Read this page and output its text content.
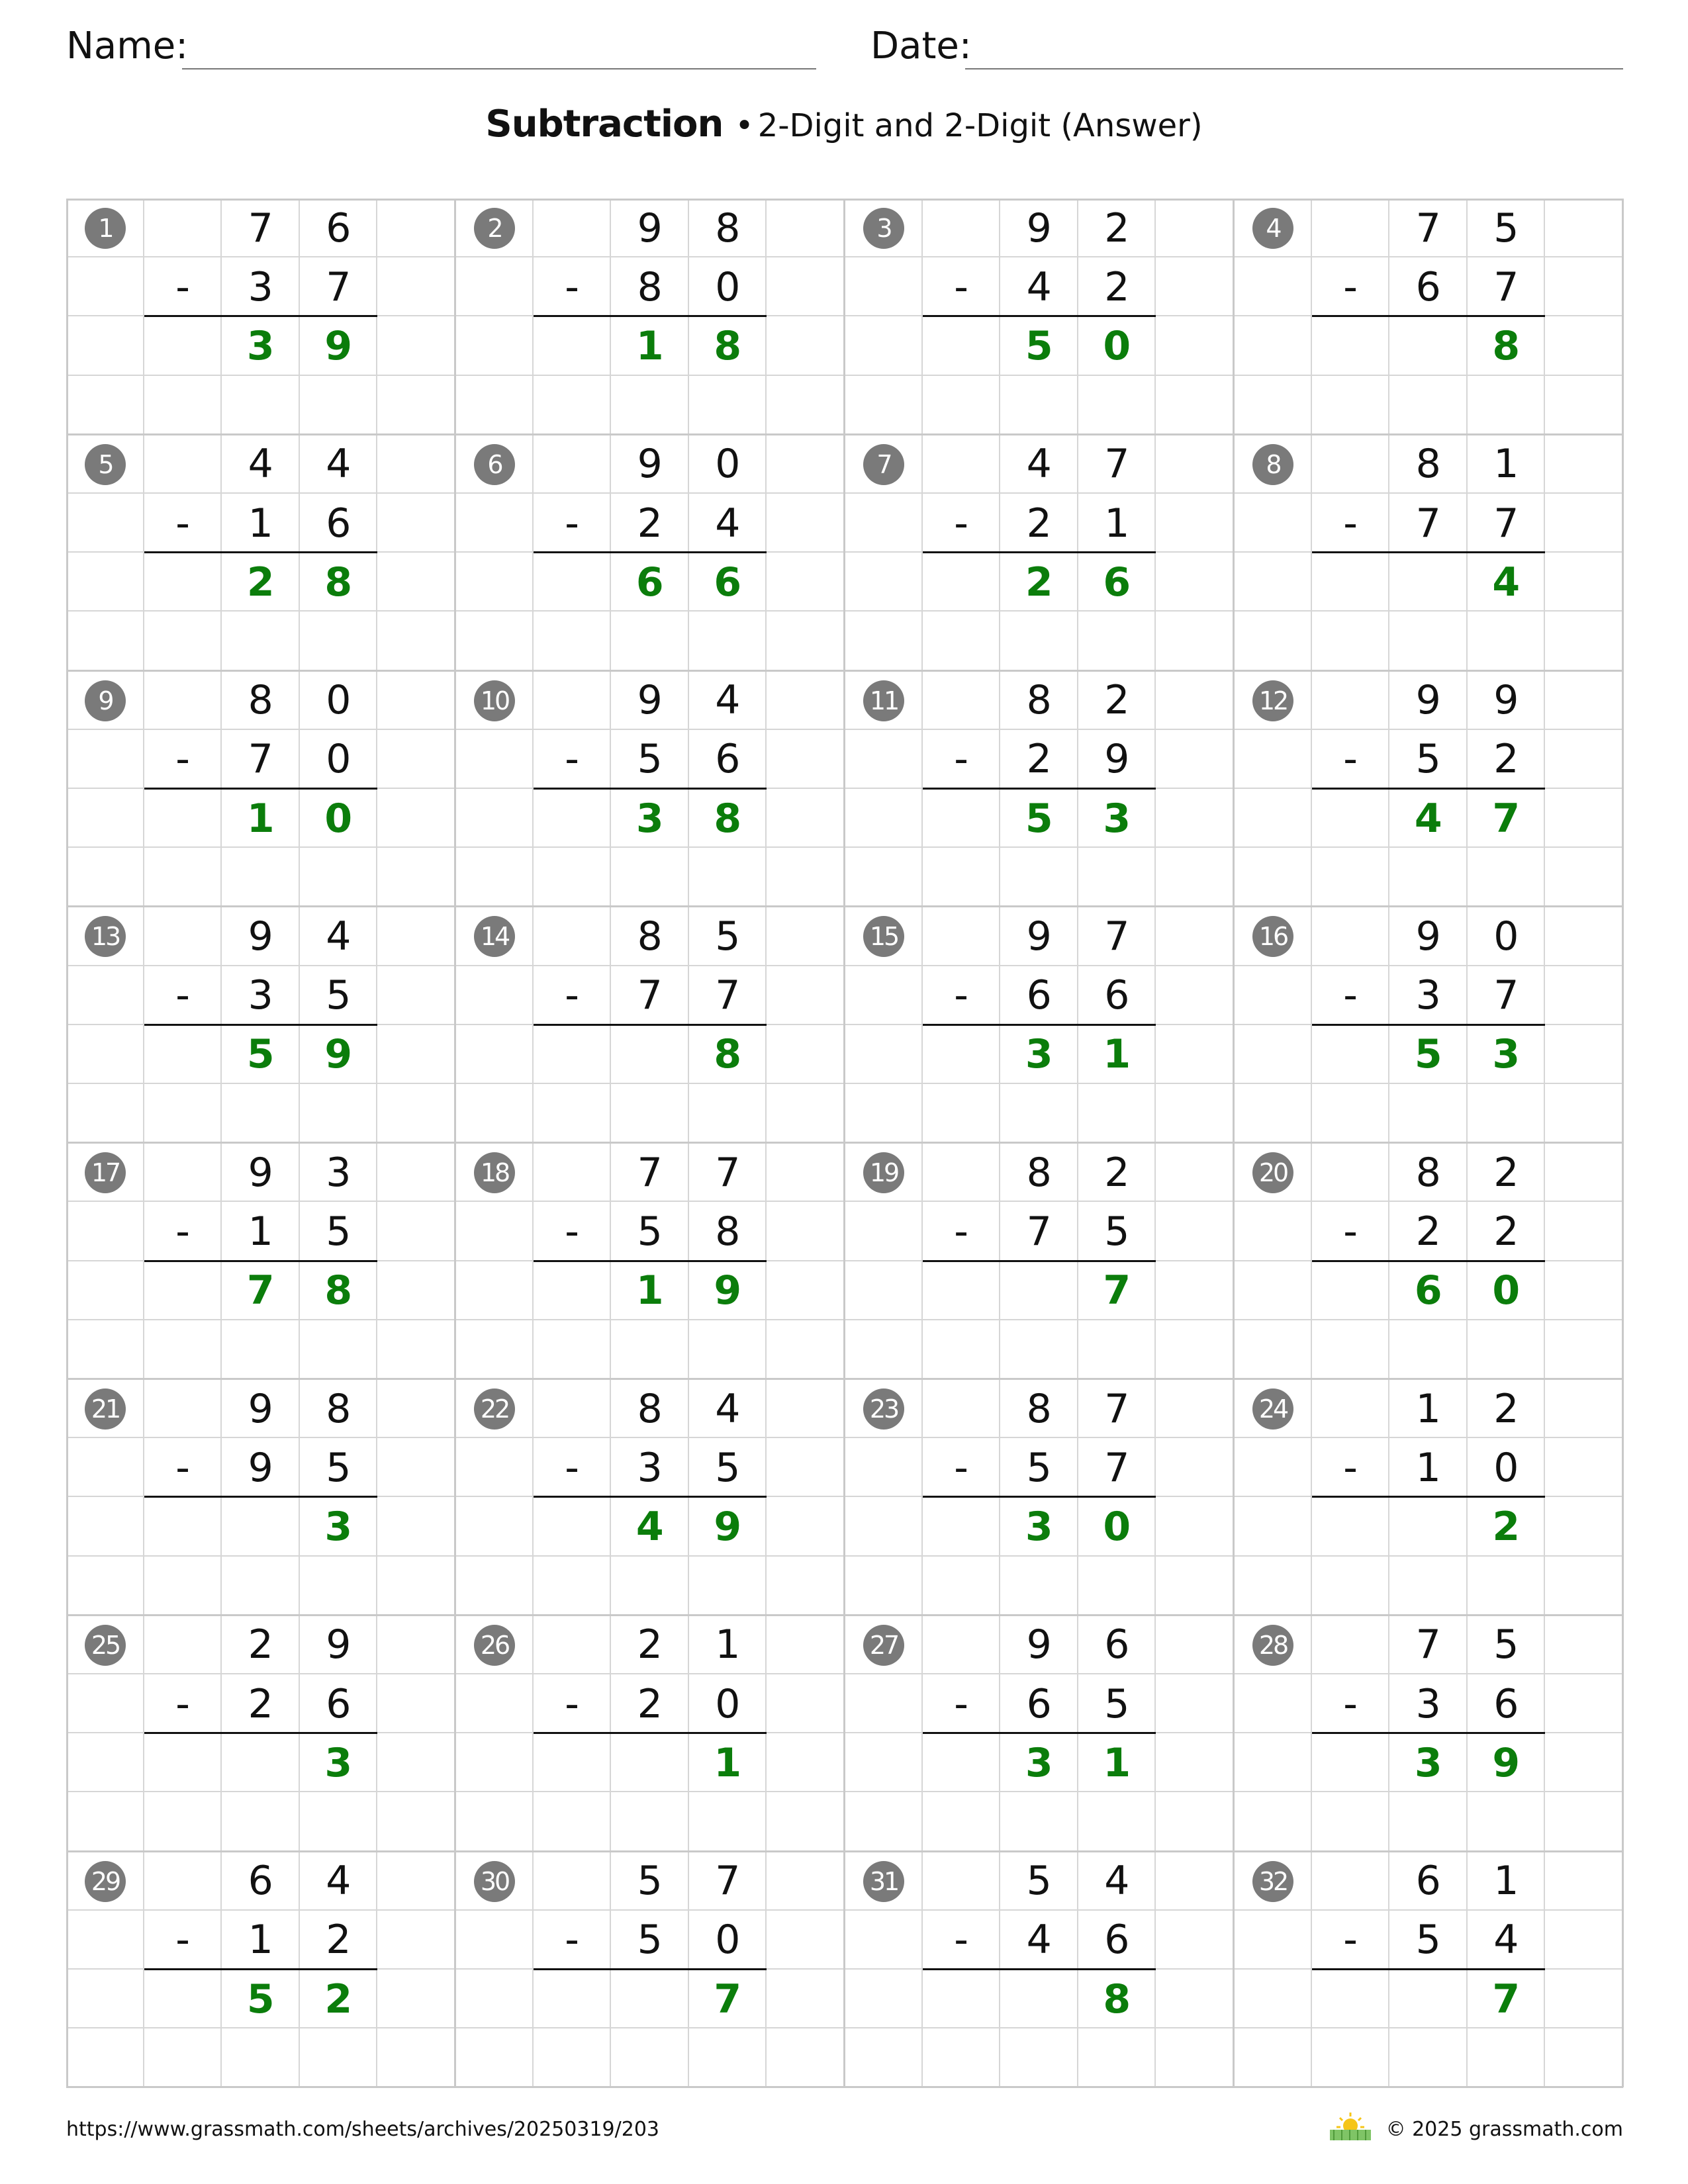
Name:	Date:
Subtraction • 2-Digit and 2-Digit (Answer)
1	7	6
-	3	7
3	9
2	9	8
-	8	0
1	8
3	9	2
-	4	2
5	0
4	7	5
-	6	7
8
5	4	4
-	1	6
2	8
6	9	0
-	2	4
6	6
7	4	7
-	2	1
2	6
8	8	1
-	7	7
4
9	8	0
-	7	0
1	0
10	9	4
-	5	6
3	8
11	8	2
-	2	9
5	3
12	9	9
-	5	2
4	7
13	9	4
-	3	5
5	9
14	8	5
-	7	7
8
15	9	7
-	6	6
3	1
16	9	0
-	3	7
5	3
17	9	3
-	1	5
7	8
18	7	7
-	5	8
1	9
19	8	2
-	7	5
7
20	8	2
-	2	2
6	0
21	9	8
-	9	5
3
22	8	4
-	3	5
4	9
23	8	7
-	5	7
3	0
24	1	2
-	1	0
2
25	2	9
-	2	6
3
26	2	1
-	2	0
1
27	9	6
-	6	5
3	1
28	7	5
-	3	6
3	9
29	6	4
-	1	2
5	2
30	5	7
-	5	0
7
31	5	4
-	4	6
8
32	6	1
-	5	4
7
https://www.grassmath.com/sheets/archives/20250319/203	© 2025 grassmath.com
